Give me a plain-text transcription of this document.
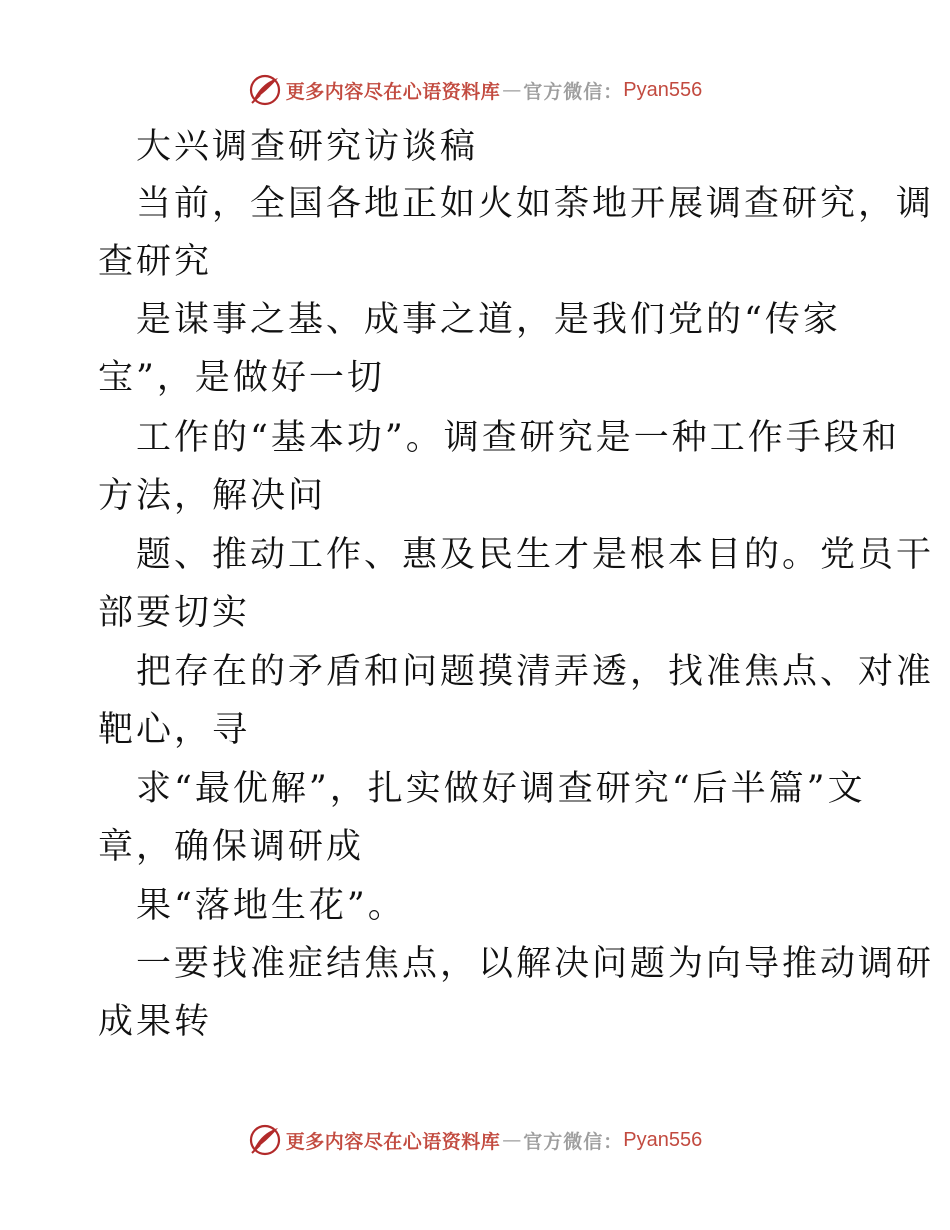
更多内容尽在心语资料库 — 官方微信： Pyan556
大兴调查研究访谈稿
当前，全国各地正如火如荼地开展调查研究，调
查研究
是谋事之基、成事之道，是我们党的“传家
宝”，是做好一切
工作的“基本功”。调查研究是一种工作手段和
方法，解决问
题、推动工作、惠及民生才是根本目的。党员干
部要切实
把存在的矛盾和问题摸清弄透，找准焦点、对准
靶心，寻
求“最优解”，扎实做好调查研究“后半篇”文
章，确保调研成
果“落地生花”。
一要找准症结焦点，以解决问题为向导推动调研
成果转
更多内容尽在心语资料库 — 官方微信： Pyan556
